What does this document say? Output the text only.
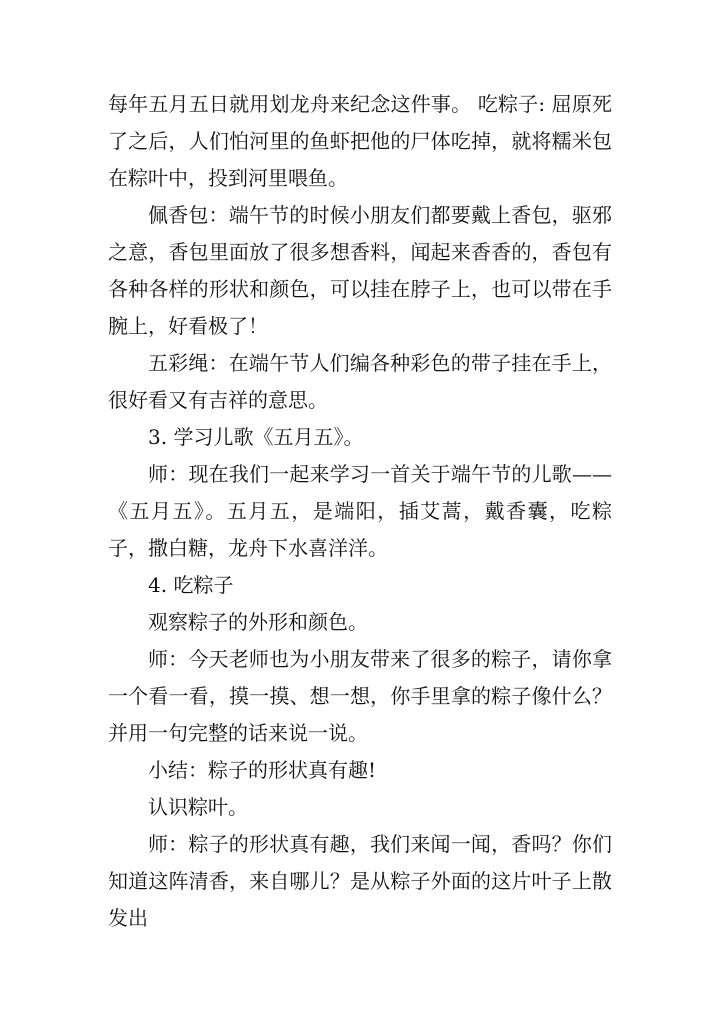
每年五月五日就用划龙舟来纪念这件事。 吃粽子: 屈原死了之后，人们怕河里的鱼虾把他的尸体吃掉，就将糯米包在粽叶中，投到河里喂鱼。

佩香包：端午节的时候小朋友们都要戴上香包，驱邪之意，香包里面放了很多想香料，闻起来香香的，香包有各种各样的形状和颜色，可以挂在脖子上，也可以带在手腕上，好看极了！

五彩绳：在端午节人们编各种彩色的带子挂在手上，很好看又有吉祥的意思。

3. 学习儿歌《五月五》。

师：现在我们一起来学习一首关于端午节的儿歌——《五月五》。五月五，是端阳，插艾蒿，戴香囊，吃粽子，撒白糖，龙舟下水喜洋洋。

4. 吃粽子

观察粽子的外形和颜色。

师：今天老师也为小朋友带来了很多的粽子，请你拿一个看一看，摸一摸、想一想，你手里拿的粽子像什么？并用一句完整的话来说一说。

小结：粽子的形状真有趣!

认识粽叶。

师：粽子的形状真有趣，我们来闻一闻，香吗？你们知道这阵清香，来自哪儿？是从粽子外面的这片叶子上散发出
